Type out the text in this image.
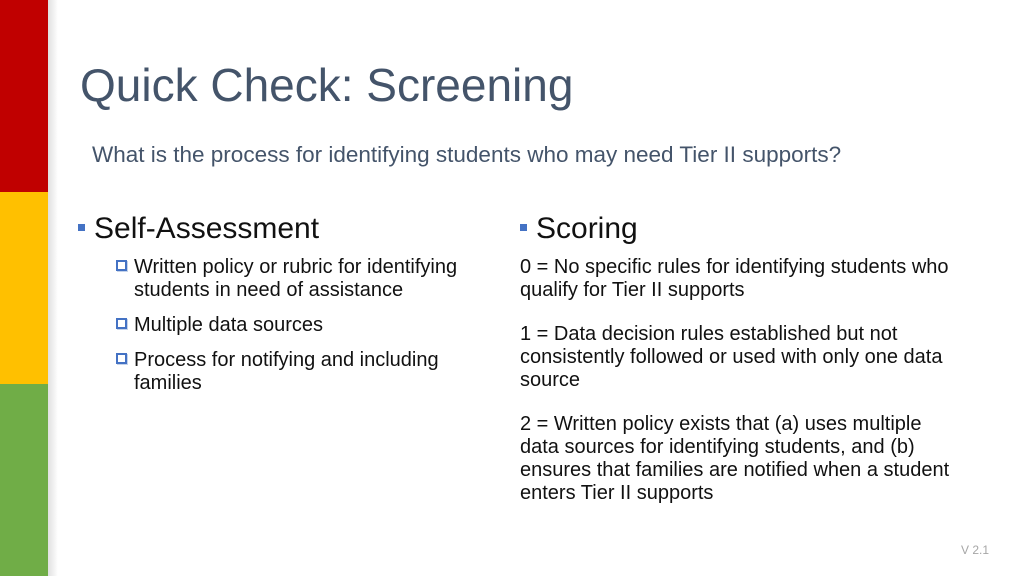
Quick Check: Screening
What is the process for identifying students who may need Tier II supports?
Self-Assessment
Written policy or rubric for identifying students in need of assistance
Multiple data sources
Process for notifying and including families
Scoring
0 = No specific rules for identifying students who qualify for Tier II supports
1 = Data decision rules established but not consistently followed or used with only one data source
2 = Written policy exists that (a) uses multiple data sources for identifying students, and (b) ensures that families are notified when a student enters Tier II supports
V 2.1
